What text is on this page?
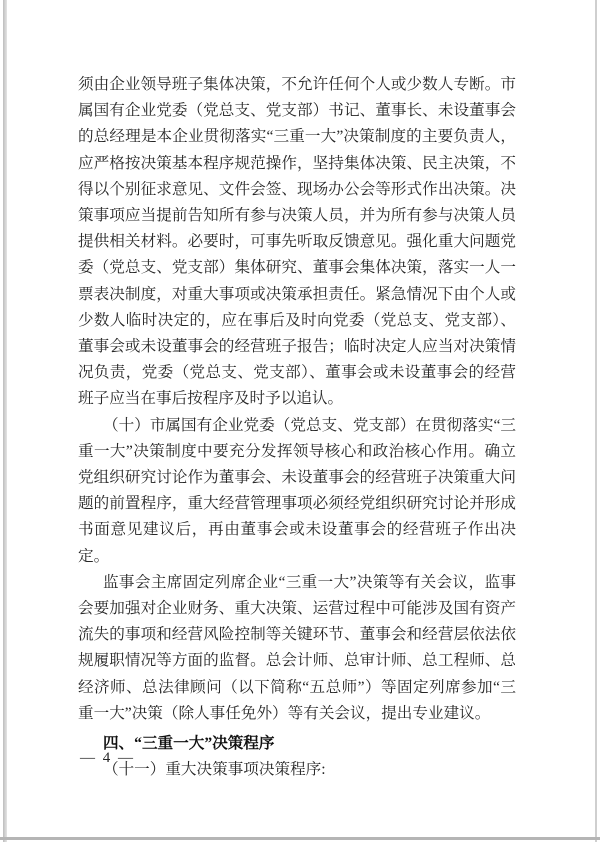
须由企业领导班子集体决策，不允许任何个人或少数人专断。市属国有企业党委（党总支、党支部）书记、董事长、未设董事会的总经理是本企业贯彻落实“三重一大”决策制度的主要负责人，应严格按决策基本程序规范操作，坚持集体决策、民主决策，不得以个别征求意见、文件会签、现场办公会等形式作出决策。决策事项应当提前告知所有参与决策人员，并为所有参与决策人员提供相关材料。必要时，可事先听取反馈意见。强化重大问题党委（党总支、党支部）集体研究、董事会集体决策，落实一人一票表决制度，对重大事项或决策承担责任。紧急情况下由个人或少数人临时决定的，应在事后及时向党委（党总支、党支部）、董事会或未设董事会的经营班子报告；临时决定人应当对决策情况负责，党委（党总支、党支部）、董事会或未设董事会的经营班子应当在事后按程序及时予以追认。

（十）市属国有企业党委（党总支、党支部）在贯彻落实“三重一大”决策制度中要充分发挥领导核心和政治核心作用。确立党组织研究讨论作为董事会、未设董事会的经营班子决策重大问题的前置程序，重大经营管理事项必须经党组织研究讨论并形成书面意见建议后，再由董事会或未设董事会的经营班子作出决定。

监事会主席固定列席企业“三重一大”决策等有关会议，监事会要加强对企业财务、重大决策、运营过程中可能涉及国有资产流失的事项和经营风险控制等关键环节、董事会和经营层依法依规履职情况等方面的监督。总会计师、总审计师、总工程师、总经济师、总法律顾问（以下简称“五总师”）等固定列席参加“三重一大”决策（除人事任免外）等有关会议，提出专业建议。

四、“三重一大”决策程序

（十一）重大决策事项决策程序:

— 4 —
